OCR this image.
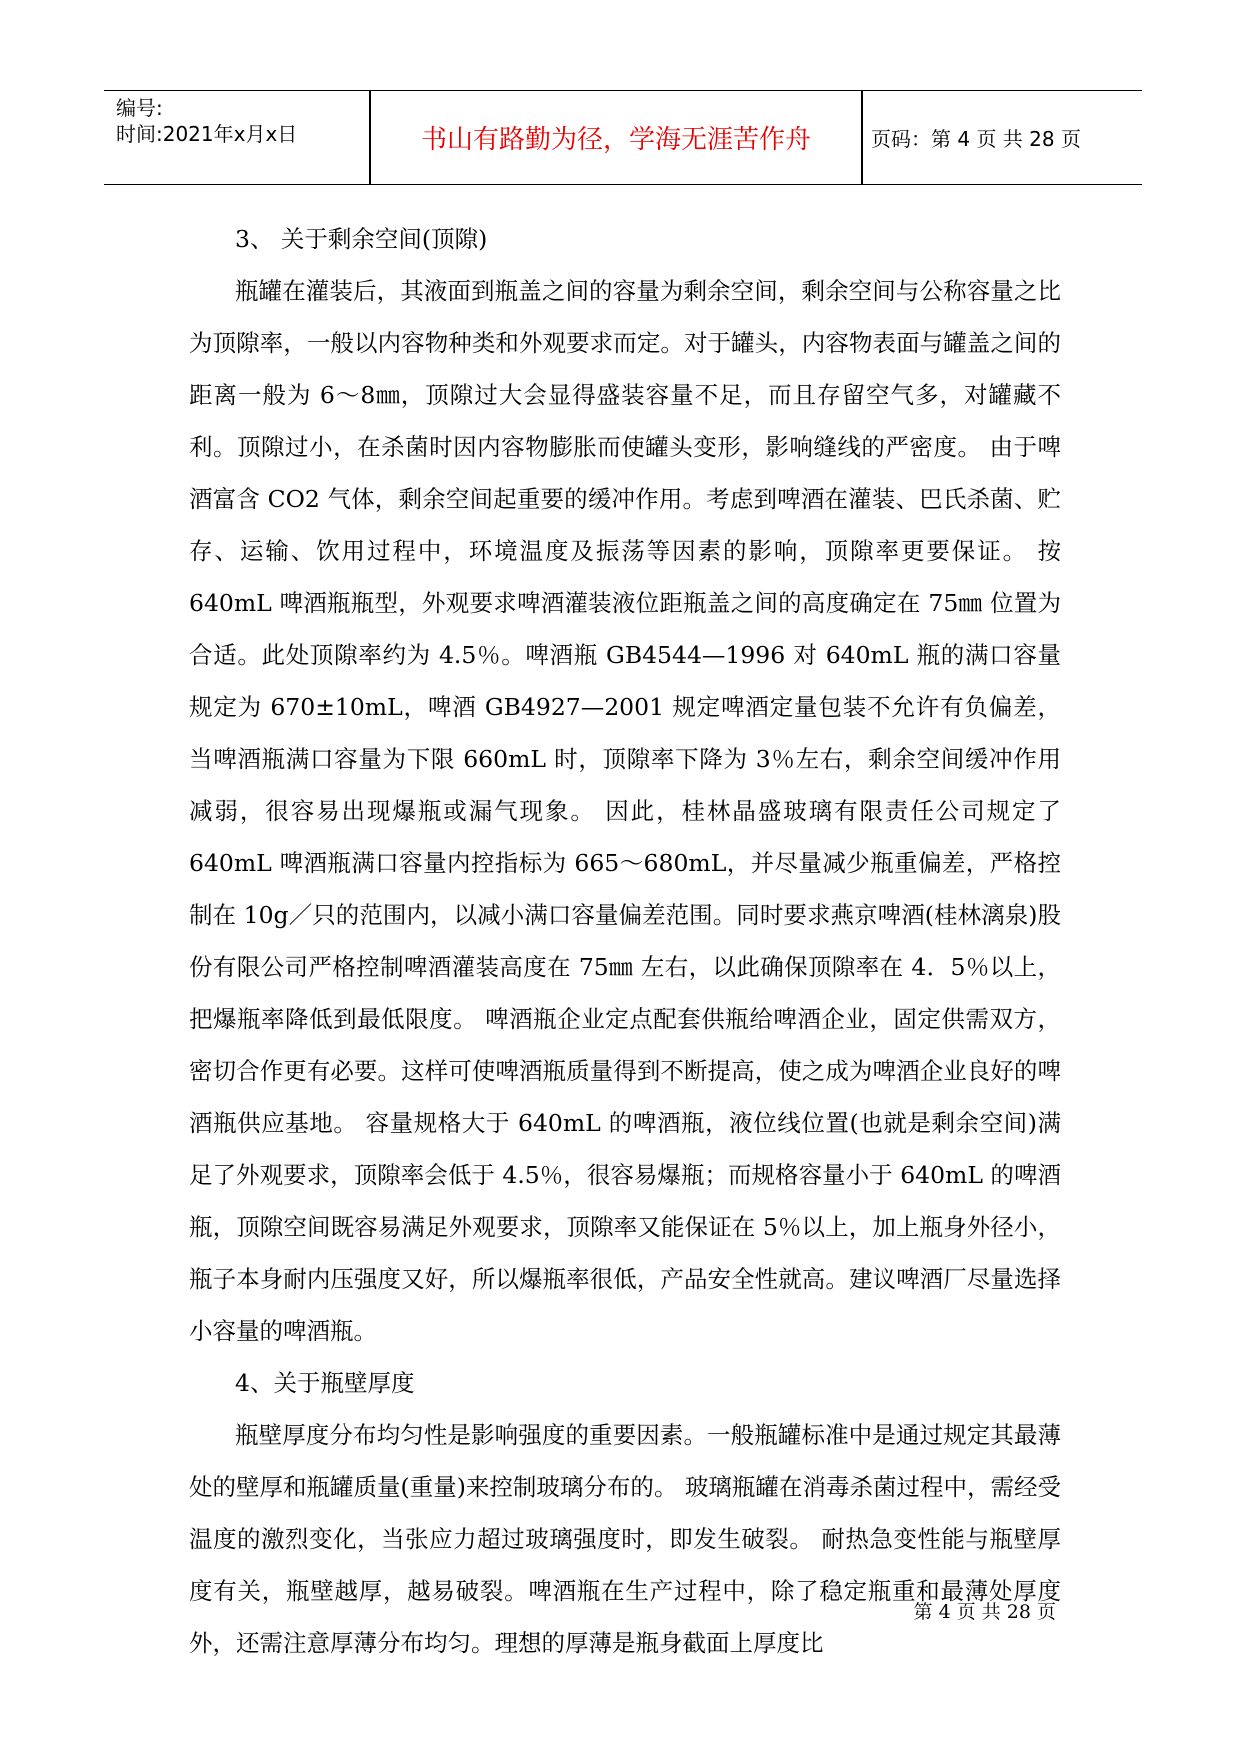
编号:
时间:2021年x月x日	书山有路勤为径，学海无涯苦作舟	页码：第 4 页 共 28 页

3、 关于剩余空间(顶隙)

瓶罐在灌装后，其液面到瓶盖之间的容量为剩余空间，剩余空间与公称容量之比为顶隙率，一般以内容物种类和外观要求而定。对于罐头，内容物表面与罐盖之间的距离一般为 6～8㎜，顶隙过大会显得盛装容量不足，而且存留空气多，对罐藏不利。顶隙过小，在杀菌时因内容物膨胀而使罐头变形，影响缝线的严密度。 由于啤酒富含 CO2 气体，剩余空间起重要的缓冲作用。考虑到啤酒在灌装、巴氏杀菌、贮存、运输、饮用过程中，环境温度及振荡等因素的影响，顶隙率更要保证。 按 640mL 啤酒瓶瓶型，外观要求啤酒灌装液位距瓶盖之间的高度确定在 75㎜ 位置为合适。此处顶隙率约为 4.5％。啤酒瓶 GB4544—1996 对 640mL 瓶的满口容量规定为 670±10mL，啤酒 GB4927—2001 规定啤酒定量包装不允许有负偏差，当啤酒瓶满口容量为下限 660mL 时，顶隙率下降为 3％左右，剩余空间缓冲作用减弱，很容易出现爆瓶或漏气现象。 因此，桂林晶盛玻璃有限责任公司规定了 640mL 啤酒瓶满口容量内控指标为 665～680mL，并尽量减少瓶重偏差，严格控制在 10g／只的范围内，以减小满口容量偏差范围。同时要求燕京啤酒(桂林漓泉)股份有限公司严格控制啤酒灌装高度在 75㎜ 左右，以此确保顶隙率在 4．5％以上，把爆瓶率降低到最低限度。 啤酒瓶企业定点配套供瓶给啤酒企业，固定供需双方，密切合作更有必要。这样可使啤酒瓶质量得到不断提高，使之成为啤酒企业良好的啤酒瓶供应基地。 容量规格大于 640mL 的啤酒瓶，液位线位置(也就是剩余空间)满足了外观要求，顶隙率会低于 4.5％，很容易爆瓶；而规格容量小于 640mL 的啤酒瓶，顶隙空间既容易满足外观要求，顶隙率又能保证在 5％以上，加上瓶身外径小，瓶子本身耐内压强度又好，所以爆瓶率很低，产品安全性就高。建议啤酒厂尽量选择小容量的啤酒瓶。

4、关于瓶壁厚度

瓶壁厚度分布均匀性是影响强度的重要因素。一般瓶罐标准中是通过规定其最薄处的壁厚和瓶罐质量(重量)来控制玻璃分布的。 玻璃瓶罐在消毒杀菌过程中，需经受温度的激烈变化，当张应力超过玻璃强度时，即发生破裂。 耐热急变性能与瓶壁厚度有关，瓶壁越厚，越易破裂。啤酒瓶在生产过程中，除了稳定瓶重和最薄处厚度外，还需注意厚薄分布均匀。理想的厚薄是瓶身截面上厚度比

第 4 页 共 28 页
